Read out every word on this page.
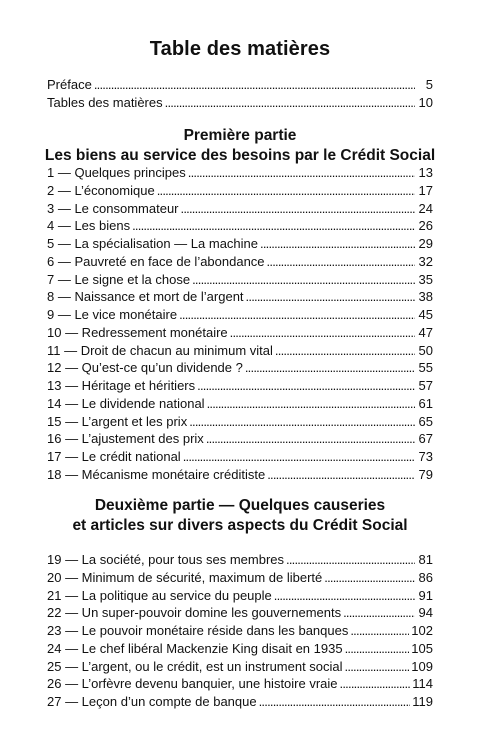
Table des matières
Préface . . .	5
Tables des matières . . .	10
Première partie
Les biens au service des besoins par le Crédit Social
1 — Quelques principes . . .	13
2 — L’économique . . .	17
3 — Le consommateur . . .	24
4 — Les biens . . .	26
5 — La spécialisation — La machine . . .	29
6 — Pauvreté en face de l’abondance . . .	32
7 — Le signe et la chose . . .	35
8 — Naissance et mort de l’argent . . .	38
9 — Le vice monétaire . . .	45
10 — Redressement monétaire . . .	47
11 — Droit de chacun au minimum vital . . .	50
12 — Qu’est-ce qu’un dividende ? . . .	55
13 — Héritage et héritiers . . .	57
14 — Le dividende national . . .	61
15 — L’argent et les prix . . .	65
16 — L’ajustement des prix . . .	67
17 — Le crédit national . . .	73
18 — Mécanisme monétaire créditiste . . .	79
Deuxième partie — Quelques causeries
et articles sur divers aspects du Crédit Social
19 — La société, pour tous ses membres . . .	81
20 — Minimum de sécurité, maximum de liberté . . .	86
21 — La politique au service du peuple . . .	91
22 — Un super-pouvoir domine les gouvernements . . .	94
23 — Le pouvoir monétaire réside dans les banques . . .	102
24 — Le chef libéral Mackenzie King disait en 1935 . . .	105
25 — L’argent, ou le crédit, est un instrument social . . .	109
26 — L’orfèvre devenu banquier, une histoire vraie . . .	114
27 — Leçon d’un compte de banque . . .	119
